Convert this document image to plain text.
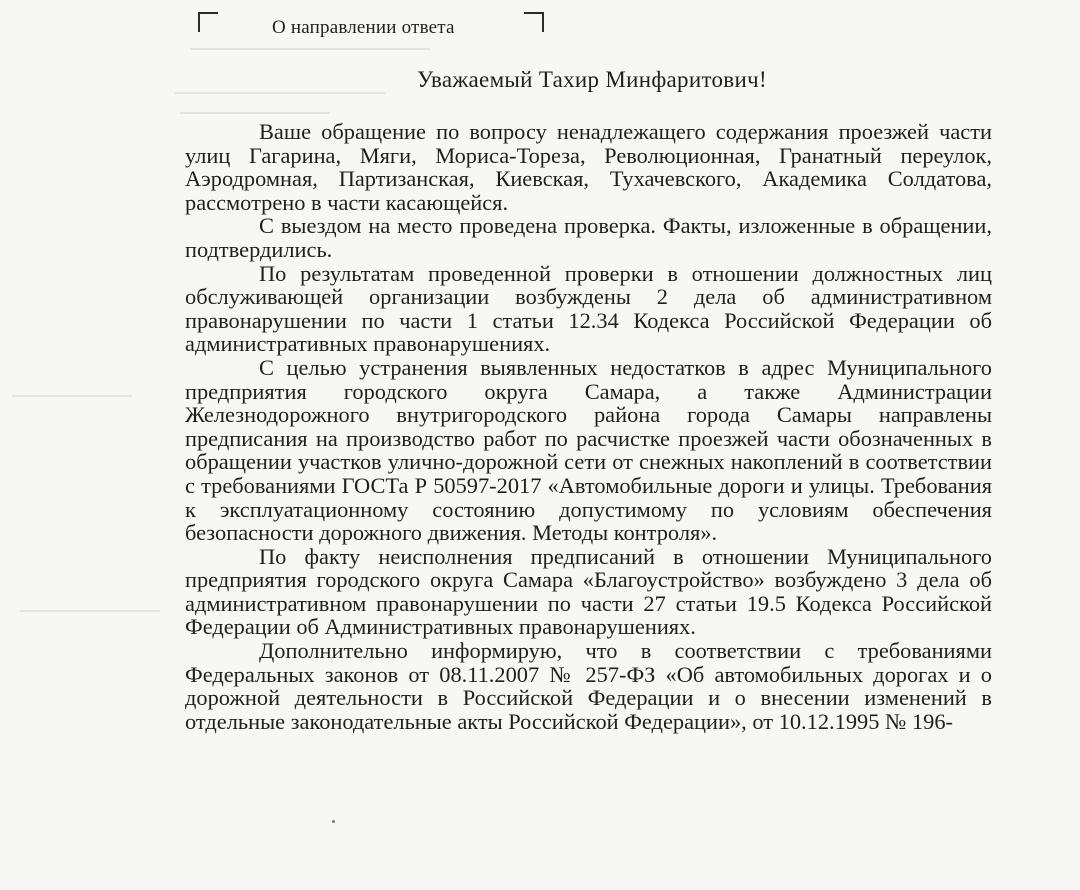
О направлении ответа
Уважаемый Тахир Минфаритович!

Ваше обращение по вопросу ненадлежащего содержания проезжей части улиц Гагарина, Мяги, Мориса-Тореза, Революционная, Гранатный переулок, Аэродромная, Партизанская, Киевская, Тухачевского, Академика Солдатова, рассмотрено в части касающейся.

С выездом на место проведена проверка. Факты, изложенные в обращении, подтвердились.

По результатам проведенной проверки в отношении должностных лиц обслуживающей организации возбуждены 2 дела об административном правонарушении по части 1 статьи 12.34 Кодекса Российской Федерации об административных правонарушениях.

С целью устранения выявленных недостатков в адрес Муниципального предприятия городского округа Самара, а также Администрации Железнодорожного внутригородского района города Самары направлены предписания на производство работ по расчистке проезжей части обозначенных в обращении участков улично-дорожной сети от снежных накоплений в соответствии с требованиями ГОСТа Р 50597-2017 «Автомобильные дороги и улицы. Требования к эксплуатационному состоянию допустимому по условиям обеспечения безопасности дорожного движения. Методы контроля».

По факту неисполнения предписаний в отношении Муниципального предприятия городского округа Самара «Благоустройство» возбуждено 3 дела об административном правонарушении по части 27 статьи 19.5 Кодекса Российской Федерации об Административных правонарушениях.

Дополнительно информирую, что в соответствии с требованиями Федеральных законов от 08.11.2007 № 257-ФЗ «Об автомобильных дорогах и о дорожной деятельности в Российской Федерации и о внесении изменений в отдельные законодательные акты Российской Федерации», от 10.12.1995 № 196-
